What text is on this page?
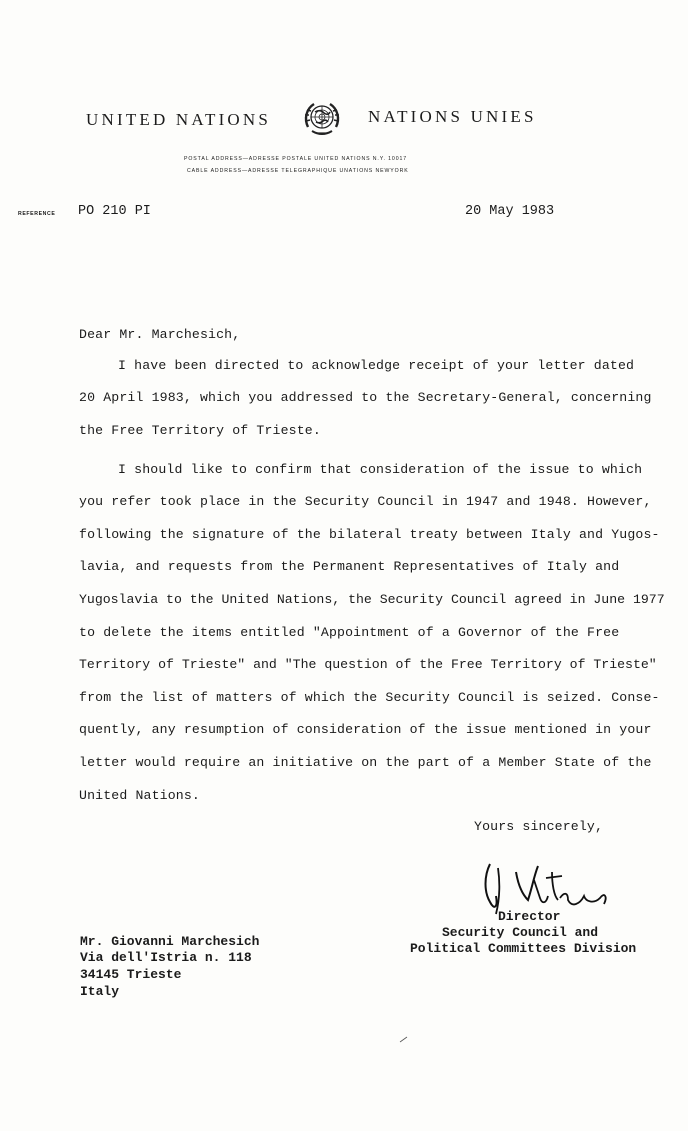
UNITED NATIONS	NATIONS UNIES
POSTAL ADDRESS—ADRESSE POSTALE UNITED NATIONS N.Y. 10017
CABLE ADDRESS—ADRESSE TELEGRAPHIQUE UNATIONS NEWYORK
REFERENCE PO 210 PI	20 May 1983
Dear Mr. Marchesich,
I have been directed to acknowledge receipt of your letter dated
20 April 1983, which you addressed to the Secretary-General, concerning
the Free Territory of Trieste.
I should like to confirm that consideration of the issue to which
you refer took place in the Security Council in 1947 and 1948. However,
following the signature of the bilateral treaty between Italy and Yugos-
lavia, and requests from the Permanent Representatives of Italy and
Yugoslavia to the United Nations, the Security Council agreed in June 1977
to delete the items entitled "Appointment of a Governor of the Free
Territory of Trieste" and "The question of the Free Territory of Trieste"
from the list of matters of which the Security Council is seized. Conse-
quently, any resumption of consideration of the issue mentioned in your
letter would require an initiative on the part of a Member State of the
United Nations.
Yours sincerely,
Director
Security Council and
Political Committees Division
Mr. Giovanni Marchesich
Via dell'Istria n. 118
34145 Trieste
Italy
